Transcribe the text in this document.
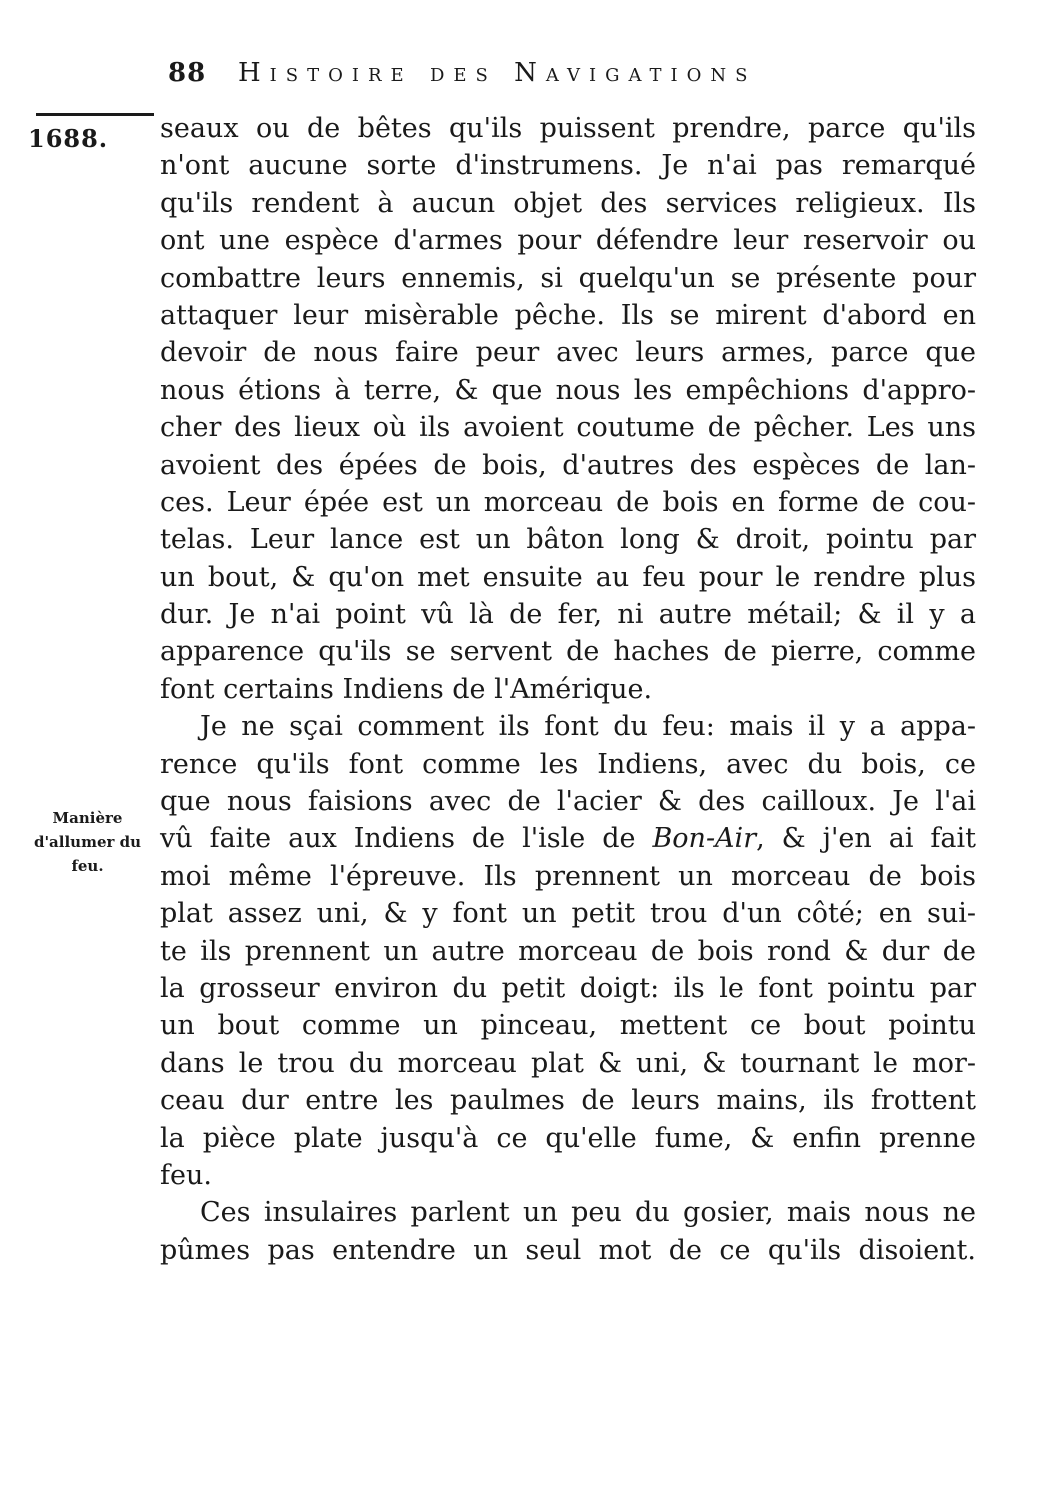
88 Histoire des Navigations
1688.
Manière
d'allumer du
feu.
seaux ou de bêtes qu'ils puissent prendre, parce qu'ils
n'ont aucune sorte d'instrumens. Je n'ai pas remarqué
qu'ils rendent à aucun objet des services religieux. Ils
ont une espèce d'armes pour défendre leur reservoir ou
combattre leurs ennemis, si quelqu'un se présente pour
attaquer leur misèrable pêche. Ils se mirent d'abord en
devoir de nous faire peur avec leurs armes, parce que
nous étions à terre, & que nous les empêchions d'appro-
cher des lieux où ils avoient coutume de pêcher. Les uns
avoient des épées de bois, d'autres des espèces de lan-
ces. Leur épée est un morceau de bois en forme de cou-
telas. Leur lance est un bâton long & droit, pointu par
un bout, & qu'on met ensuite au feu pour le rendre plus
dur. Je n'ai point vû là de fer, ni autre métail; & il y a
apparence qu'ils se servent de haches de pierre, comme
font certains Indiens de l'Amérique.
Je ne sçai comment ils font du feu: mais il y a appa-
rence qu'ils font comme les Indiens, avec du bois, ce
que nous faisions avec de l'acier & des cailloux. Je l'ai
vû faite aux Indiens de l'isle de Bon-Air, & j'en ai fait
moi même l'épreuve. Ils prennent un morceau de bois
plat assez uni, & y font un petit trou d'un côté; en sui-
te ils prennent un autre morceau de bois rond & dur de
la grosseur environ du petit doigt: ils le font pointu par
un bout comme un pinceau, mettent ce bout pointu
dans le trou du morceau plat & uni, & tournant le mor-
ceau dur entre les paulmes de leurs mains, ils frottent
la pièce plate jusqu'à ce qu'elle fume, & enfin prenne
feu.
Ces insulaires parlent un peu du gosier, mais nous ne
pûmes pas entendre un seul mot de ce qu'ils disoient.
